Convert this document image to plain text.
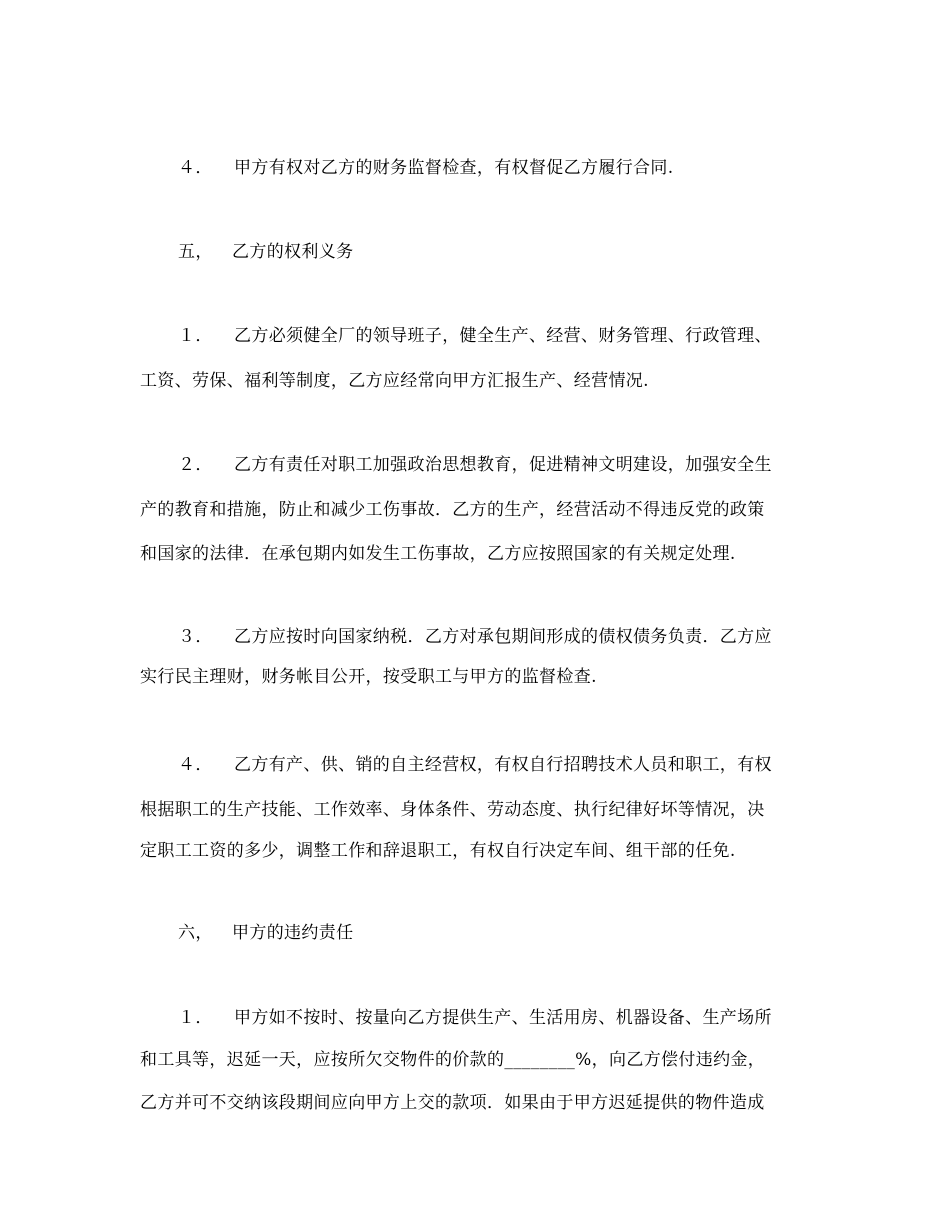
４． 甲方有权对乙方的财务监督检查，有权督促乙方履行合同.
五， 乙方的权利义务
１． 乙方必须健全厂的领导班子，健全生产、经营、财务管理、行政管理、
工资、劳保、福利等制度，乙方应经常向甲方汇报生产、经营情况.
２． 乙方有责任对职工加强政治思想教育，促进精神文明建设，加强安全生
产的教育和措施，防止和减少工伤事故．乙方的生产，经营活动不得违反党的政策
和国家的法律．在承包期内如发生工伤事故，乙方应按照国家的有关规定处理.
３． 乙方应按时向国家纳税．乙方对承包期间形成的债权债务负责．乙方应
实行民主理财，财务帐目公开，按受职工与甲方的监督检查.
４． 乙方有产、供、销的自主经营权，有权自行招聘技术人员和职工，有权
根据职工的生产技能、工作效率、身体条件、劳动态度、执行纪律好坏等情况，决
定职工工资的多少，调整工作和辞退职工，有权自行决定车间、组干部的任免.
六， 甲方的违约责任
１． 甲方如不按时、按量向乙方提供生产、生活用房、机器设备、生产场所
和工具等，迟延一天，应按所欠交物件的价款的________%，向乙方偿付违约金，
乙方并可不交纳该段期间应向甲方上交的款项．如果由于甲方迟延提供的物件造成
